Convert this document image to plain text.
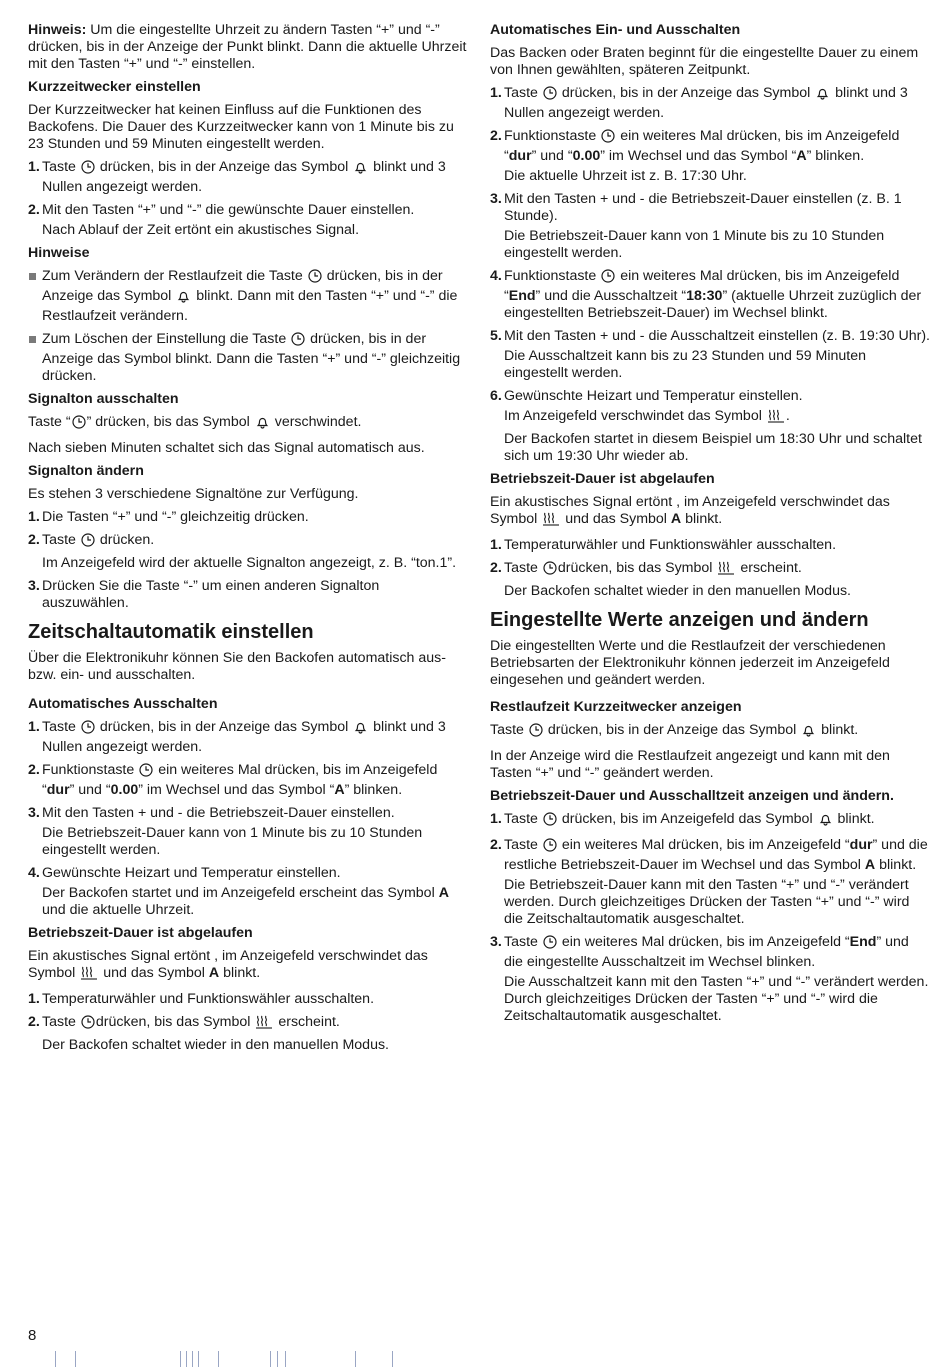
Hinweis: Um die eingestellte Uhrzeit zu ändern Tasten “+” und “-” drücken, bis in der Anzeige der Punkt blinkt. Dann die aktuelle Uhrzeit mit den Tasten “+” und “-” einstellen.

Kurzzeitwecker einstellen

Der Kurzzeitwecker hat keinen Einfluss auf die Funktionen des Backofens. Die Dauer des Kurzzeitwecker kann von 1 Minute bis zu 23 Stunden und 59 Minuten eingestellt werden.

1. Taste drücken, bis in der Anzeige das Symbol blinkt und 3 Nullen angezeigt werden.

2. Mit den Tasten “+” und “-” die gewünschte Dauer einstellen.

Nach Ablauf der Zeit ertönt ein akustisches Signal.

Hinweise

Zum Verändern der Restlaufzeit die Taste drücken, bis in der Anzeige das Symbol blinkt. Dann mit den Tasten “+” und “-” die Restlaufzeit verändern.

Zum Löschen der Einstellung die Taste drücken, bis in der Anzeige das Symbol blinkt. Dann die Tasten “+” und “-” gleichzeitig drücken.

Signalton ausschalten

Taste “ ” drücken, bis das Symbol verschwindet.

Nach sieben Minuten schaltet sich das Signal automatisch aus.

Signalton ändern

Es stehen 3 verschiedene Signaltöne zur Verfügung.

1. Die Tasten “+” und “-” gleichzeitig drücken.

2. Taste drücken.

Im Anzeigefeld wird der aktuelle Signalton angezeigt, z. B. “ton.1”.

3. Drücken Sie die Taste “-” um einen anderen Signalton auszuwählen.

Zeitschaltautomatik einstellen

Über die Elektronikuhr können Sie den Backofen automatisch aus- bzw. ein- und ausschalten.

Automatisches Ausschalten

1. Taste drücken, bis in der Anzeige das Symbol blinkt und 3 Nullen angezeigt werden.

2. Funktionstaste ein weiteres Mal drücken, bis im Anzeigefeld “dur” und “0.00” im Wechsel und das Symbol “A” blinken.

3. Mit den Tasten + und - die Betriebszeit-Dauer einstellen.

Die Betriebszeit-Dauer kann von 1 Minute bis zu 10 Stunden eingestellt werden.

4. Gewünschte Heizart und Temperatur einstellen.

Der Backofen startet und im Anzeigefeld erscheint das Symbol A und die aktuelle Uhrzeit.

Betriebszeit-Dauer ist abgelaufen

Ein akustisches Signal ertönt , im Anzeigefeld verschwindet das Symbol und das Symbol A blinkt.

1. Temperaturwähler und Funktionswähler ausschalten.

2. Taste drücken, bis das Symbol erscheint.

Der Backofen schaltet wieder in den manuellen Modus.

Automatisches Ein- und Ausschalten

Das Backen oder Braten beginnt für die eingestellte Dauer zu einem von Ihnen gewählten, späteren Zeitpunkt.

1. Taste drücken, bis in der Anzeige das Symbol blinkt und 3 Nullen angezeigt werden.

2. Funktionstaste ein weiteres Mal drücken, bis im Anzeigefeld “dur” und “0.00” im Wechsel und das Symbol “A” blinken.

Die aktuelle Uhrzeit ist z. B. 17:30 Uhr.

3. Mit den Tasten + und - die Betriebszeit-Dauer einstellen (z. B. 1 Stunde).

Die Betriebszeit-Dauer kann von 1 Minute bis zu 10 Stunden eingestellt werden.

4. Funktionstaste ein weiteres Mal drücken, bis im Anzeigefeld “End” und die Ausschaltzeit “18:30” (aktuelle Uhrzeit zuzüglich der eingestellten Betriebszeit-Dauer) im Wechsel blinkt.

5. Mit den Tasten + und - die Ausschaltzeit einstellen (z. B. 19:30 Uhr).

Die Ausschaltzeit kann bis zu 23 Stunden und 59 Minuten eingestellt werden.

6. Gewünschte Heizart und Temperatur einstellen.

Im Anzeigefeld verschwindet das Symbol .

Der Backofen startet in diesem Beispiel um 18:30 Uhr und schaltet sich um 19:30 Uhr wieder ab.

Betriebszeit-Dauer ist abgelaufen

Ein akustisches Signal ertönt , im Anzeigefeld verschwindet das Symbol und das Symbol A blinkt.

1. Temperaturwähler und Funktionswähler ausschalten.

2. Taste drücken, bis das Symbol erscheint.

Der Backofen schaltet wieder in den manuellen Modus.

Eingestellte Werte anzeigen und ändern

Die eingestellten Werte und die Restlaufzeit der verschiedenen Betriebsarten der Elektronikuhr können jederzeit im Anzeigefeld eingesehen und geändert werden.

Restlaufzeit Kurzzeitwecker anzeigen

Taste drücken, bis in der Anzeige das Symbol blinkt.

In der Anzeige wird die Restlaufzeit angezeigt und kann mit den Tasten “+” und “-” geändert werden.

Betriebszeit-Dauer und Ausschalltzeit anzeigen und ändern.

1. Taste drücken, bis im Anzeigefeld das Symbol blinkt.

2. Taste ein weiteres Mal drücken, bis im Anzeigefeld “dur” und die restliche Betriebszeit-Dauer im Wechsel und das Symbol A blinkt.

Die Betriebszeit-Dauer kann mit den Tasten “+” und “-” verändert werden. Durch gleichzeitiges Drücken der Tasten “+” und “-” wird die Zeitschaltautomatik ausgeschaltet.

3. Taste ein weiteres Mal drücken, bis im Anzeigefeld “End” und die eingestellte Ausschaltzeit im Wechsel blinken.

Die Ausschaltzeit kann mit den Tasten “+” und “-” verändert werden. Durch gleichzeitiges Drücken der Tasten “+” und “-” wird die Zeitschaltautomatik ausgeschaltet.

8
